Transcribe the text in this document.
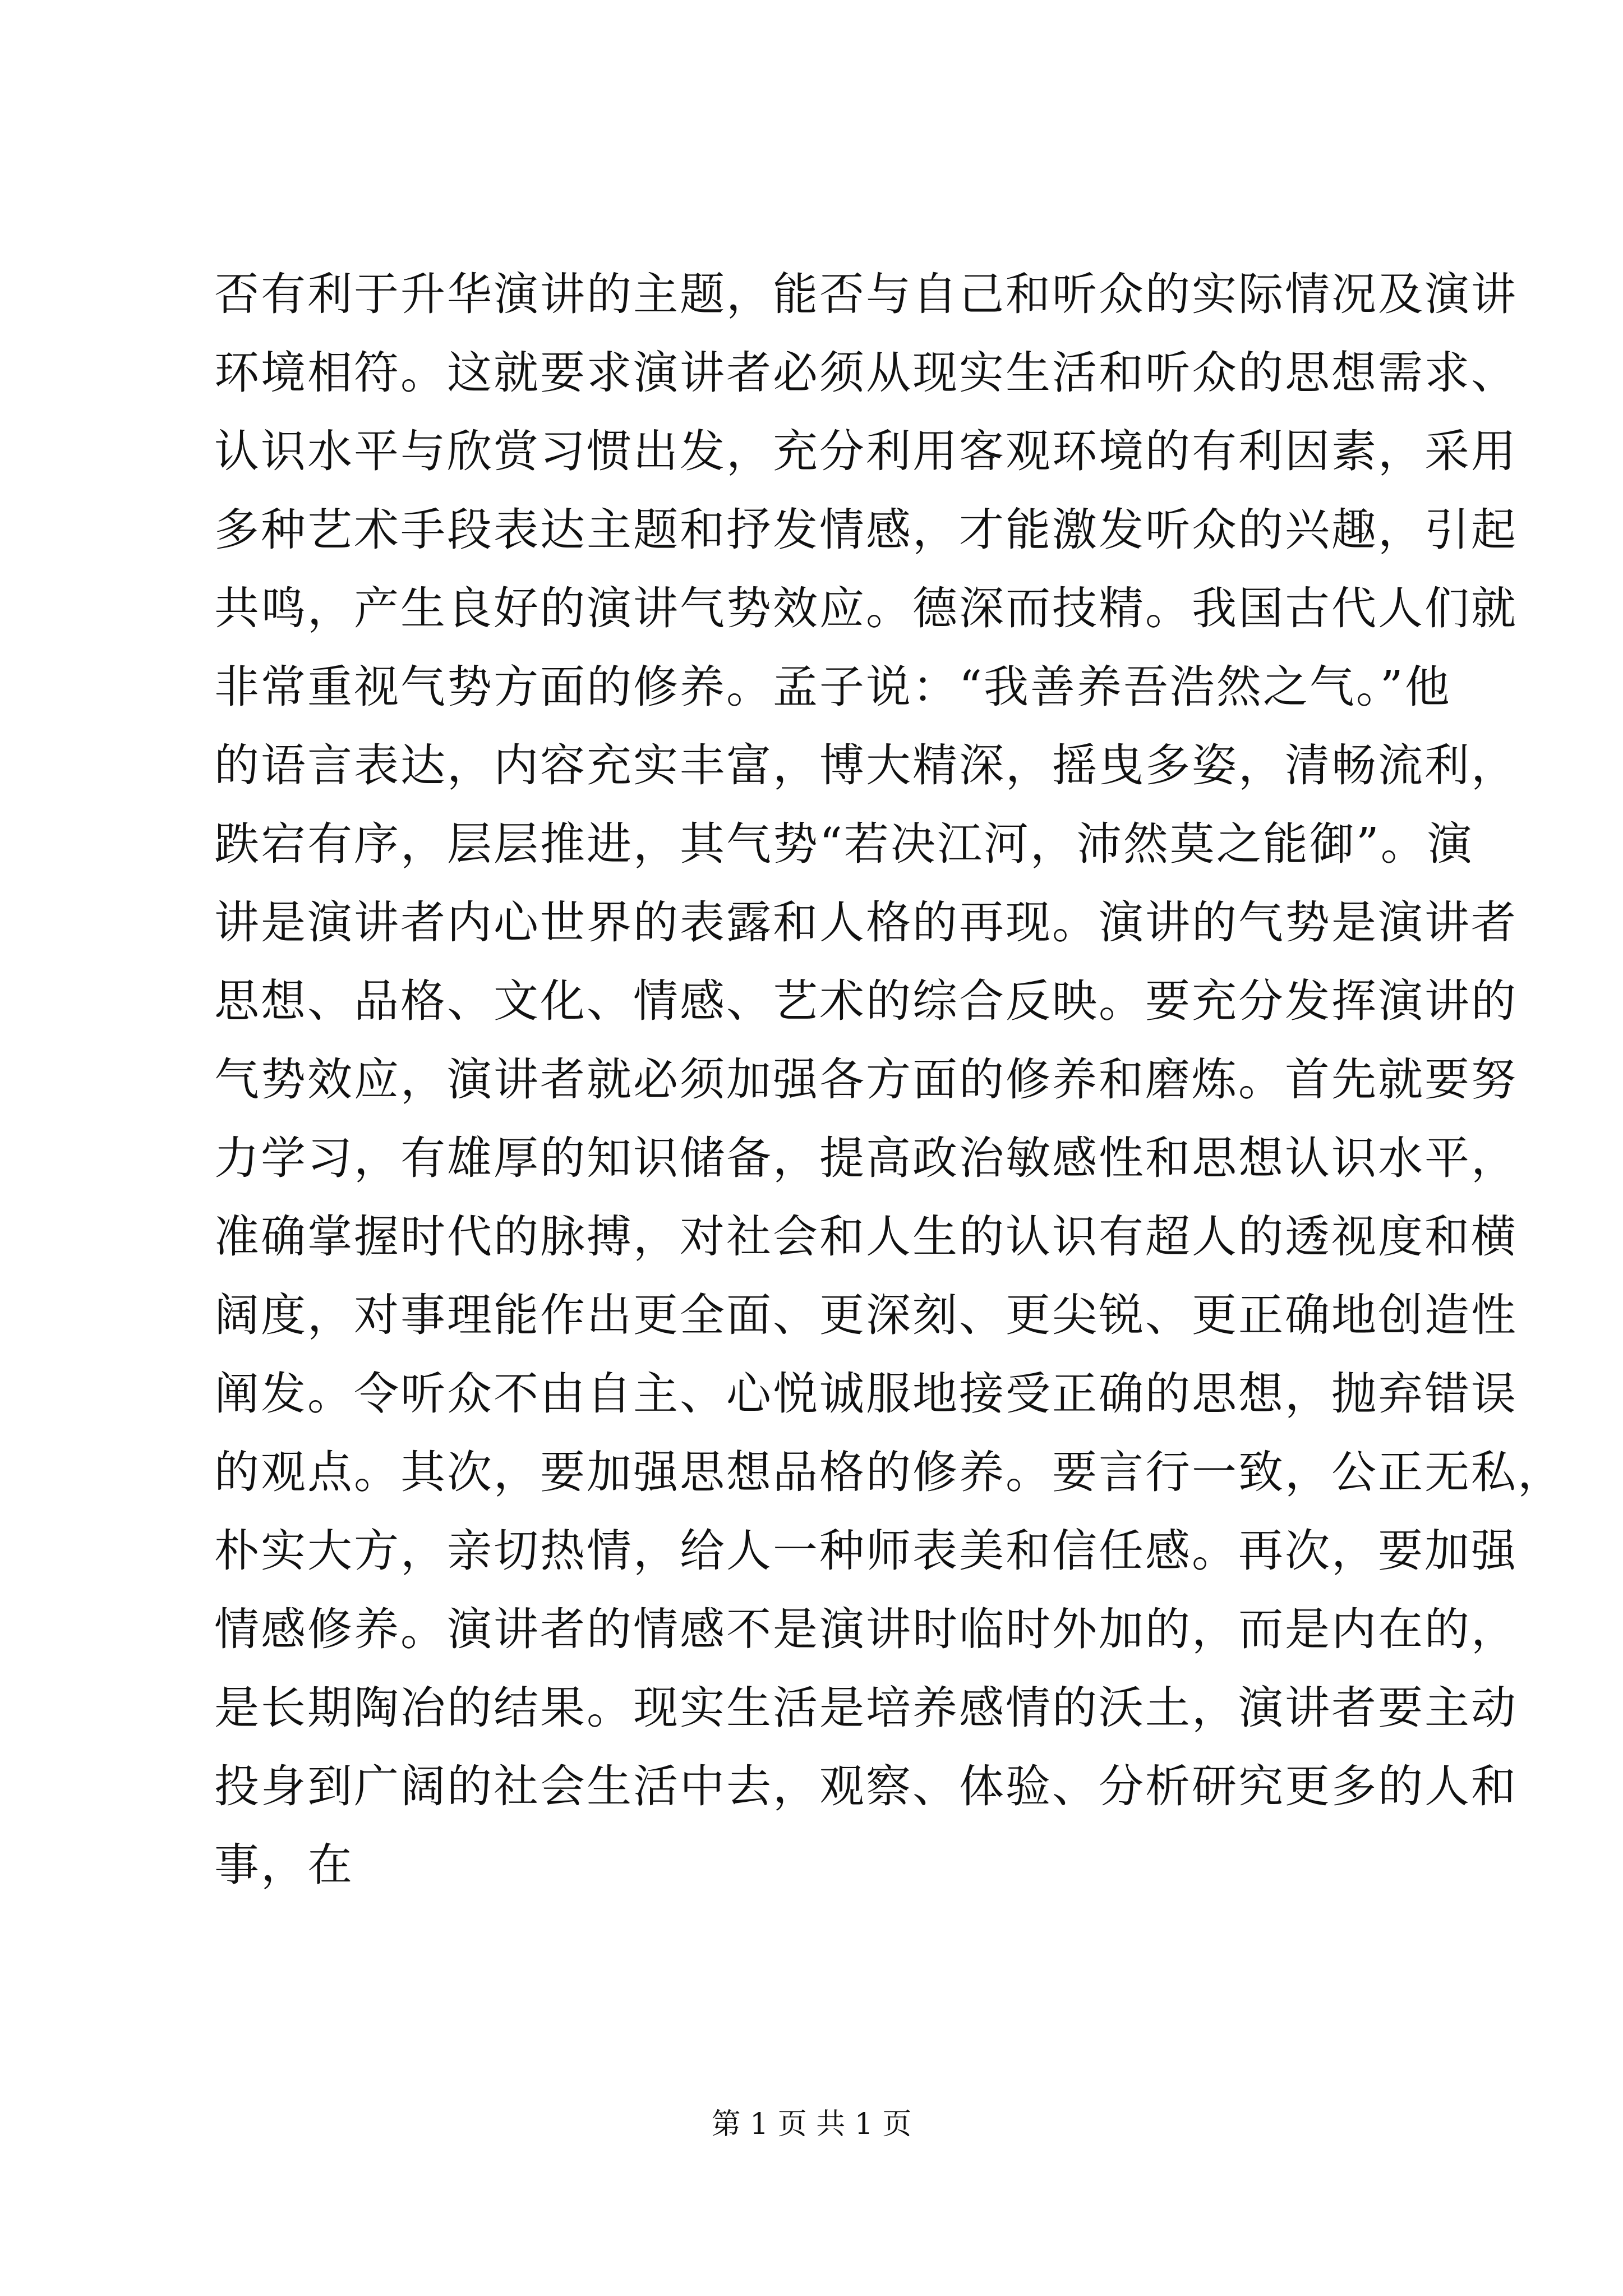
否有利于升华演讲的主题，能否与自己和听众的实际情况及演讲
环境相符。这就要求演讲者必须从现实生活和听众的思想需求、
认识水平与欣赏习惯出发，充分利用客观环境的有利因素，采用
多种艺术手段表达主题和抒发情感，才能激发听众的兴趣，引起
共鸣，产生良好的演讲气势效应。德深而技精。我国古代人们就
非常重视气势方面的修养。孟子说：“我善养吾浩然之气。”他
的语言表达，内容充实丰富，博大精深，摇曳多姿，清畅流利，
跌宕有序，层层推进，其气势“若决江河，沛然莫之能御”。演
讲是演讲者内心世界的表露和人格的再现。演讲的气势是演讲者
思想、品格、文化、情感、艺术的综合反映。要充分发挥演讲的
气势效应，演讲者就必须加强各方面的修养和磨炼。首先就要努
力学习，有雄厚的知识储备，提高政治敏感性和思想认识水平，
准确掌握时代的脉搏，对社会和人生的认识有超人的透视度和横
阔度，对事理能作出更全面、更深刻、更尖锐、更正确地创造性
阐发。令听众不由自主、心悦诚服地接受正确的思想，抛弃错误
的观点。其次，要加强思想品格的修养。要言行一致，公正无私，
朴实大方，亲切热情，给人一种师表美和信任感。再次，要加强
情感修养。演讲者的情感不是演讲时临时外加的，而是内在的，
是长期陶冶的结果。现实生活是培养感情的沃土，演讲者要主动
投身到广阔的社会生活中去，观察、体验、分析研究更多的人和
事，在
第 1 页 共 1 页
